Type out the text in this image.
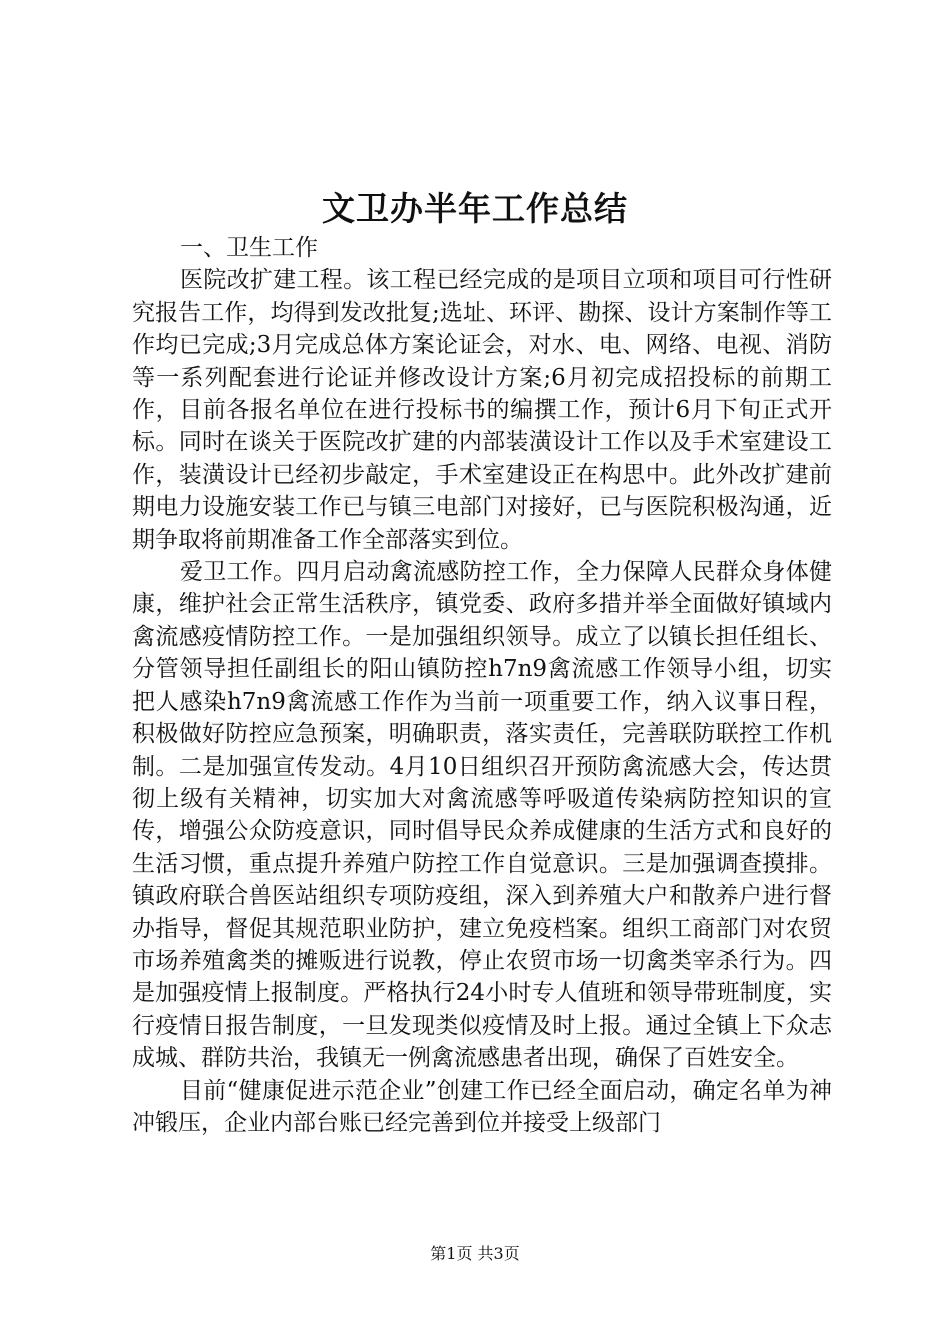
文卫办半年工作总结

一、卫生工作

医院改扩建工程。该工程已经完成的是项目立项和项目可行性研究报告工作，均得到发改批复;选址、环评、勘探、设计方案制作等工作均已完成;3月完成总体方案论证会，对水、电、网络、电视、消防等一系列配套进行论证并修改设计方案;6月初完成招投标的前期工作，目前各报名单位在进行投标书的编撰工作，预计6月下旬正式开标。同时在谈关于医院改扩建的内部装潢设计工作以及手术室建设工作，装潢设计已经初步敲定，手术室建设正在构思中。此外改扩建前期电力设施安装工作已与镇三电部门对接好，已与医院积极沟通，近期争取将前期准备工作全部落实到位。

爱卫工作。四月启动禽流感防控工作，全力保障人民群众身体健康，维护社会正常生活秩序，镇党委、政府多措并举全面做好镇域内禽流感疫情防控工作。一是加强组织领导。成立了以镇长担任组长、分管领导担任副组长的阳山镇防控h7n9禽流感工作领导小组，切实把人感染h7n9禽流感工作作为当前一项重要工作，纳入议事日程，积极做好防控应急预案，明确职责，落实责任，完善联防联控工作机制。二是加强宣传发动。4月10日组织召开预防禽流感大会，传达贯彻上级有关精神，切实加大对禽流感等呼吸道传染病防控知识的宣传，增强公众防疫意识，同时倡导民众养成健康的生活方式和良好的生活习惯，重点提升养殖户防控工作自觉意识。三是加强调查摸排。镇政府联合兽医站组织专项防疫组，深入到养殖大户和散养户进行督办指导，督促其规范职业防护，建立免疫档案。组织工商部门对农贸市场养殖禽类的摊贩进行说教，停止农贸市场一切禽类宰杀行为。四是加强疫情上报制度。严格执行24小时专人值班和领导带班制度，实行疫情日报告制度，一旦发现类似疫情及时上报。通过全镇上下众志成城、群防共治，我镇无一例禽流感患者出现，确保了百姓安全。

目前“健康促进示范企业”创建工作已经全面启动，确定名单为神冲锻压，企业内部台账已经完善到位并接受上级部门

第1页 共3页
